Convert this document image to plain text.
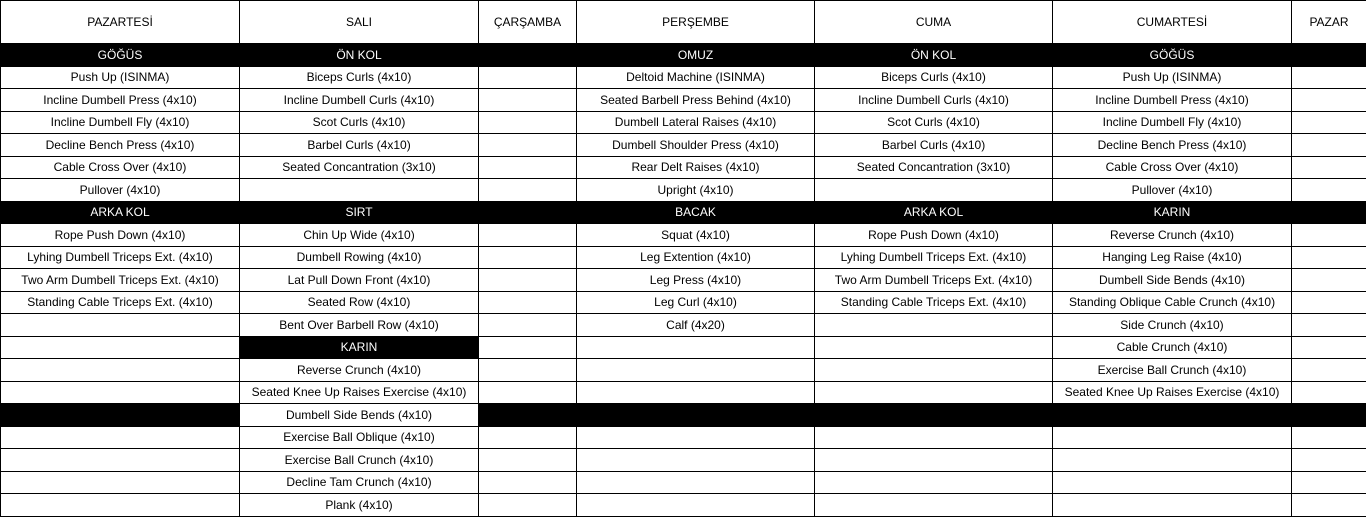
PAZARTESİ	SALI	ÇARŞAMBA	PERŞEMBE	CUMA	CUMARTESİ	PAZAR
GÖĞÜS	ÖN KOL		OMUZ	ÖN KOL	GÖĞÜS	
Push Up (ISINMA)	Biceps Curls (4x10)		Deltoid Machine (ISINMA)	Biceps Curls (4x10)	Push Up (ISINMA)	
Incline Dumbell Press (4x10)	Incline Dumbell Curls (4x10)		Seated Barbell Press Behind (4x10)	Incline Dumbell Curls (4x10)	Incline Dumbell Press (4x10)	
Incline Dumbell Fly (4x10)	Scot Curls (4x10)		Dumbell Lateral Raises (4x10)	Scot Curls (4x10)	Incline Dumbell Fly (4x10)	
Decline Bench Press (4x10)	Barbel Curls (4x10)		Dumbell Shoulder Press (4x10)	Barbel Curls (4x10)	Decline Bench Press (4x10)	
Cable Cross Over (4x10)	Seated Concantration (3x10)		Rear Delt Raises (4x10)	Seated Concantration (3x10)	Cable Cross Over (4x10)	
Pullover (4x10)			Upright (4x10)		Pullover (4x10)	
ARKA KOL	SIRT		BACAK	ARKA KOL	KARIN	
Rope Push Down (4x10)	Chin Up Wide (4x10)		Squat (4x10)	Rope Push Down (4x10)	Reverse Crunch (4x10)	
Lyhing Dumbell Triceps Ext. (4x10)	Dumbell Rowing (4x10)		Leg Extention (4x10)	Lyhing Dumbell Triceps Ext. (4x10)	Hanging Leg Raise (4x10)	
Two Arm Dumbell Triceps Ext. (4x10)	Lat Pull Down Front (4x10)		Leg Press (4x10)	Two Arm Dumbell Triceps Ext. (4x10)	Dumbell Side Bends (4x10)	
Standing Cable Triceps Ext. (4x10)	Seated Row (4x10)		Leg Curl (4x10)	Standing Cable Triceps Ext. (4x10)	Standing Oblique Cable Crunch (4x10)	
	Bent Over Barbell Row (4x10)		Calf (4x20)		Side Crunch (4x10)	
	KARIN				Cable Crunch (4x10)	
	Reverse Crunch (4x10)				Exercise Ball Crunch (4x10)	
	Seated Knee Up Raises Exercise (4x10)				Seated Knee Up Raises Exercise (4x10)	
	Dumbell Side Bends (4x10)					
	Exercise Ball Oblique (4x10)					
	Exercise Ball Crunch (4x10)					
	Decline Tam Crunch (4x10)					
	Plank (4x10)					
